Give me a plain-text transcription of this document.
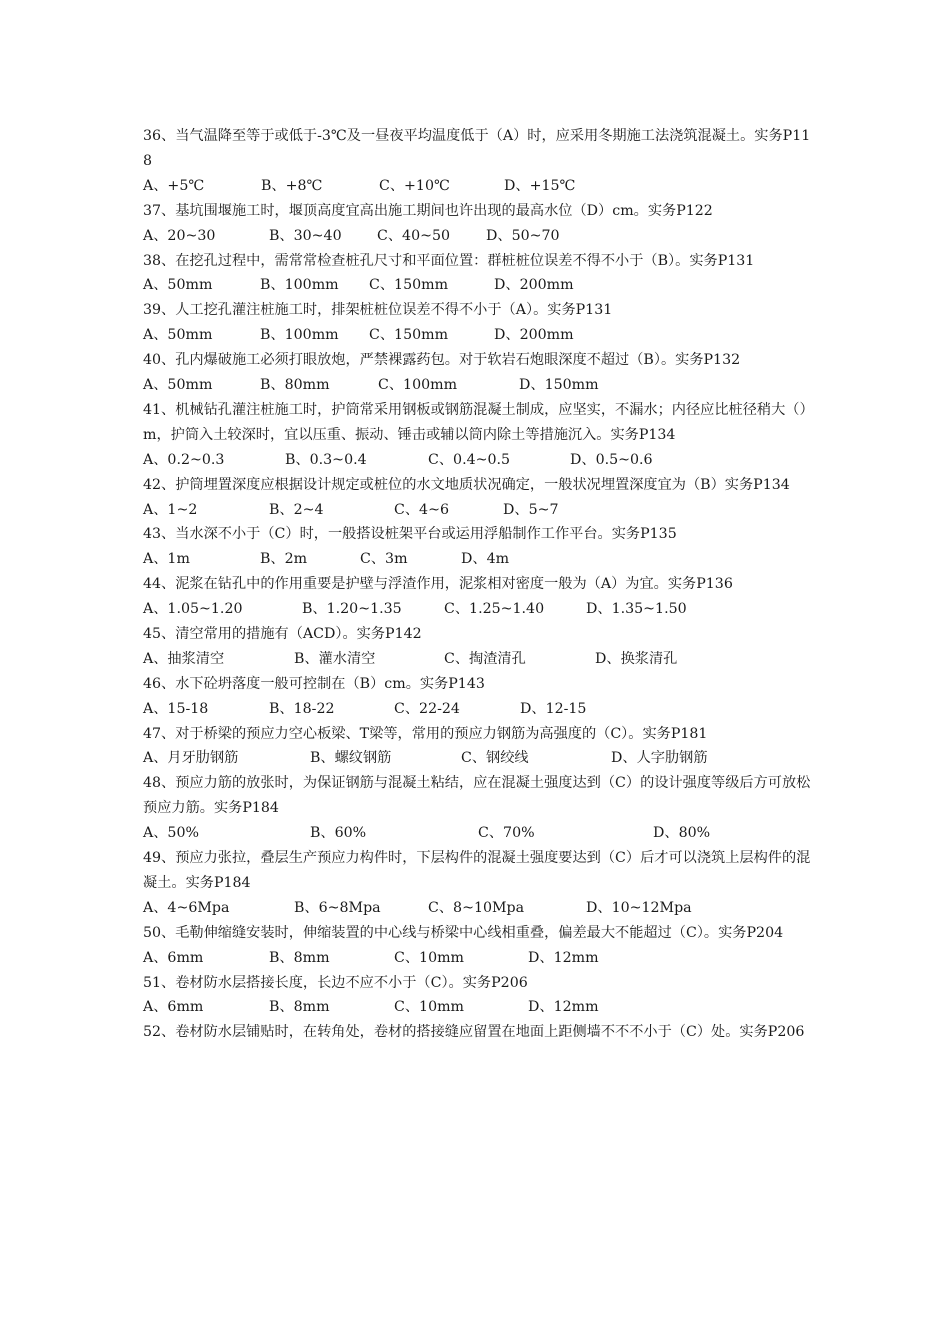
36、当气温降至等于或低于-3℃及一昼夜平均温度低于（A）时，应采用冬期施工法浇筑混凝土。实务P118
A、+5℃	B、+8℃	C、+10℃	D、+15℃
37、基坑围堰施工时，堰顶高度宜高出施工期间也许出现的最高水位（D）cm。实务P122
A、20~30	B、30~40	C、40~50	D、50~70
38、在挖孔过程中，需常常检查桩孔尺寸和平面位置：群桩桩位误差不得不小于（B）。实务P131
A、50mm	B、100mm	C、150mm	D、200mm
39、人工挖孔灌注桩施工时，排架桩桩位误差不得不小于（A）。实务P131
A、50mm	B、100mm	C、150mm	D、200mm
40、孔内爆破施工必须打眼放炮，严禁裸露药包。对于软岩石炮眼深度不超过（B）。实务P132
A、50mm	B、80mm	C、100mm	D、150mm
41、机械钻孔灌注桩施工时，护筒常采用钢板或钢筋混凝土制成，应坚实，不漏水；内径应比桩径稍大（）m，护筒入土较深时，宜以压重、振动、锤击或辅以筒内除土等措施沉入。实务P134
A、0.2~0.3	B、0.3~0.4	C、0.4~0.5	D、0.5~0.6
42、护筒埋置深度应根据设计规定或桩位的水文地质状况确定，一般状况埋置深度宜为（B）实务P134
A、1~2	B、2~4	C、4~6	D、5~7
43、当水深不小于（C）时，一般搭设桩架平台或运用浮船制作工作平台。实务P135
A、1m	B、2m	C、3m	D、4m
44、泥浆在钻孔中的作用重要是护壁与浮渣作用，泥浆相对密度一般为（A）为宜。实务P136
A、1.05~1.20	B、1.20~1.35	C、1.25~1.40	D、1.35~1.50
45、清空常用的措施有（ACD）。实务P142
A、抽浆清空	B、灌水清空	C、掏渣清孔	D、换浆清孔
46、水下砼坍落度一般可控制在（B）cm。实务P143
A、15-18	B、18-22	C、22-24	D、12-15
47、对于桥梁的预应力空心板梁、T梁等，常用的预应力钢筋为高强度的（C）。实务P181
A、月牙肋钢筋	B、螺纹钢筋	C、钢绞线	D、人字肋钢筋
48、预应力筋的放张时，为保证钢筋与混凝土粘结，应在混凝土强度达到（C）的设计强度等级后方可放松预应力筋。实务P184
A、50%	B、60%	C、70%	D、80%
49、预应力张拉，叠层生产预应力构件时，下层构件的混凝土强度要达到（C）后才可以浇筑上层构件的混凝土。实务P184
A、4~6Mpa	B、6~8Mpa	C、8~10Mpa	D、10~12Mpa
50、毛勒伸缩缝安装时，伸缩装置的中心线与桥梁中心线相重叠，偏差最大不能超过（C）。实务P204
A、6mm	B、8mm	C、10mm	D、12mm
51、卷材防水层搭接长度，长边不应不小于（C）。实务P206
A、6mm	B、8mm	C、10mm	D、12mm
52、卷材防水层铺贴时，在转角处，卷材的搭接缝应留置在地面上距侧墙不不不小于（C）处。实务P206
